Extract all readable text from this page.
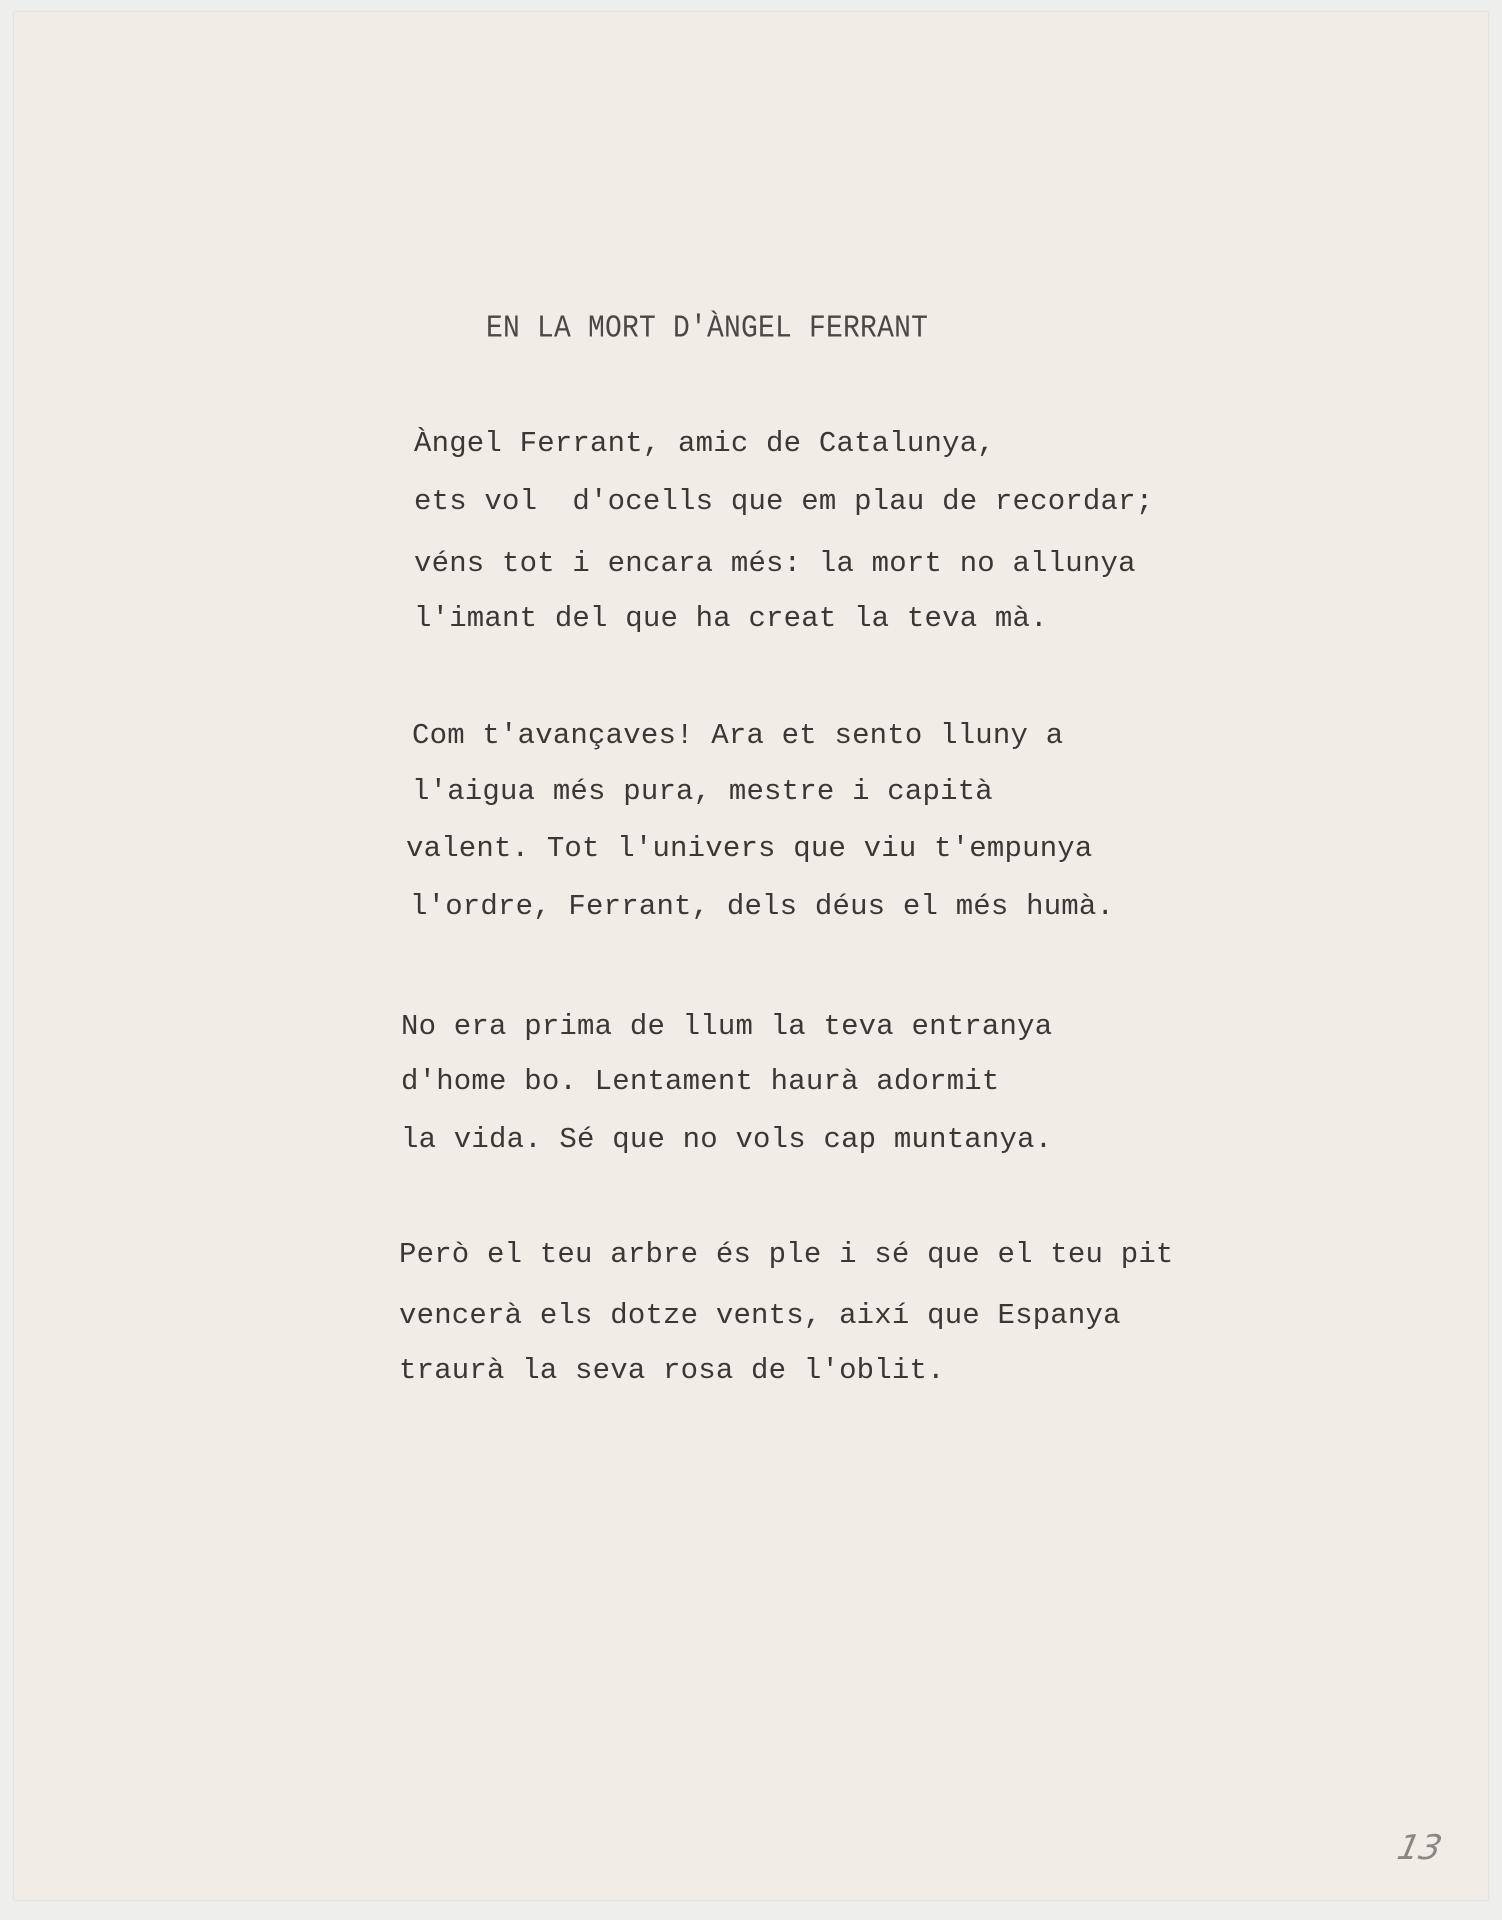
EN LA MORT D'ÀNGEL FERRANT
Àngel Ferrant, amic de Catalunya,
ets vol  d'ocells que em plau de recordar;
véns tot i encara més: la mort no allunya
l'imant del que ha creat la teva mà.
Com t'avançaves! Ara et sento lluny a
l'aigua més pura, mestre i capità
valent. Tot l'univers que viu t'empunya
l'ordre, Ferrant, dels déus el més humà.
No era prima de llum la teva entranya
d'home bo. Lentament haurà adormit
la vida. Sé que no vols cap muntanya.
Però el teu arbre és ple i sé que el teu pit
vencerà els dotze vents, així que Espanya
traurà la seva rosa de l'oblit.
13
